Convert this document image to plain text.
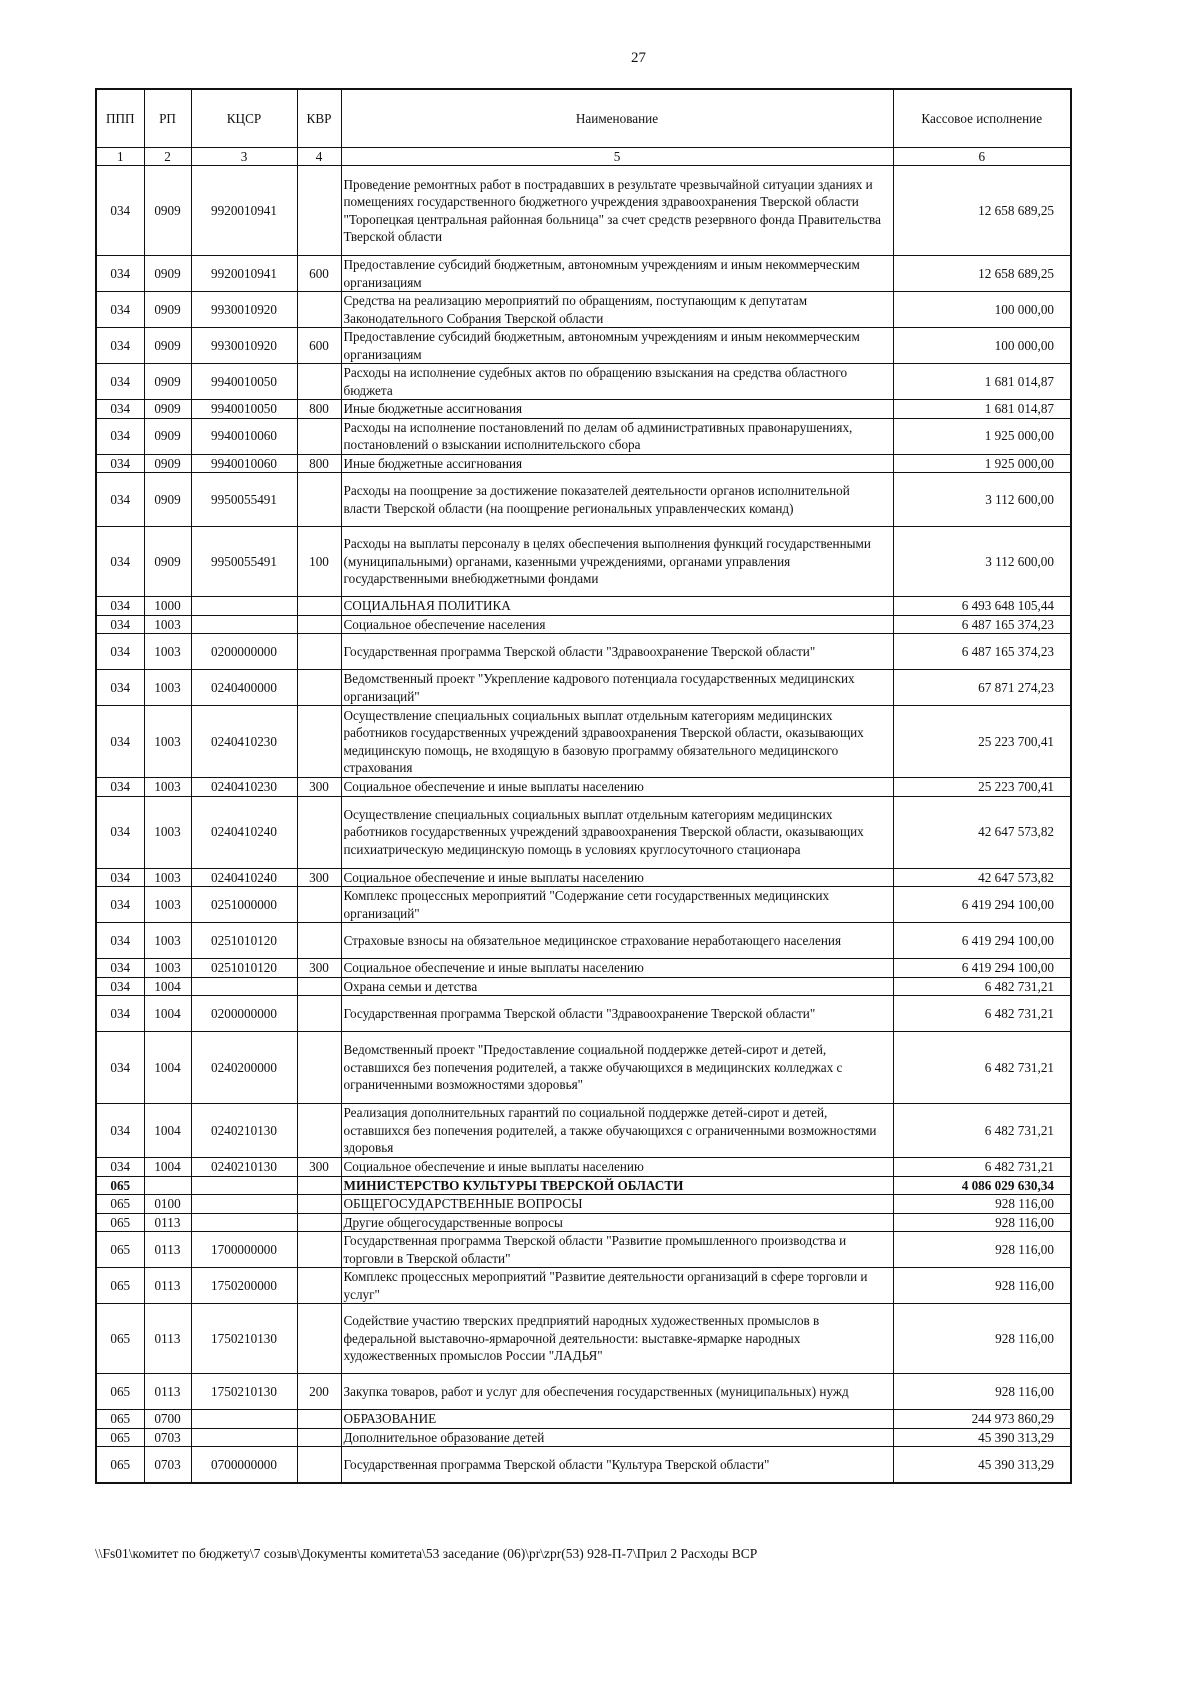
27
ППП	РП	КЦСР	КВР	Наименование	Кассовое исполнение
1	2	3	4	5	6
034	0909	9920010941		Проведение ремонтных работ в пострадавших в результате чрезвычайной ситуации зданиях и помещениях государственного бюджетного учреждения здравоохранения Тверской области "Торопецкая центральная районная больница" за счет средств резервного фонда Правительства Тверской области	12 658 689,25
034	0909	9920010941	600	Предоставление субсидий бюджетным, автономным учреждениям и иным некоммерческим организациям	12 658 689,25
034	0909	9930010920		Средства на реализацию мероприятий по обращениям, поступающим к депутатам Законодательного Собрания Тверской области	100 000,00
034	0909	9930010920	600	Предоставление субсидий бюджетным, автономным учреждениям и иным некоммерческим организациям	100 000,00
034	0909	9940010050		Расходы на исполнение судебных актов по обращению взыскания на средства областного бюджета	1 681 014,87
034	0909	9940010050	800	Иные бюджетные ассигнования	1 681 014,87
034	0909	9940010060		Расходы на исполнение постановлений по делам об административных правонарушениях, постановлений о взыскании исполнительского сбора	1 925 000,00
034	0909	9940010060	800	Иные бюджетные ассигнования	1 925 000,00
034	0909	9950055491		Расходы на поощрение за достижение показателей деятельности органов исполнительной власти Тверской области (на поощрение региональных управленческих команд)	3 112 600,00
034	0909	9950055491	100	Расходы на выплаты персоналу в целях обеспечения выполнения функций государственными (муниципальными) органами, казенными учреждениями, органами управления государственными внебюджетными фондами	3 112 600,00
034	1000			СОЦИАЛЬНАЯ ПОЛИТИКА	6 493 648 105,44
034	1003			Социальное обеспечение населения	6 487 165 374,23
034	1003	0200000000		Государственная программа Тверской области "Здравоохранение Тверской области"	6 487 165 374,23
034	1003	0240400000		Ведомственный проект "Укрепление кадрового потенциала государственных медицинских организаций"	67 871 274,23
034	1003	0240410230		Осуществление специальных социальных выплат отдельным категориям медицинских работников государственных учреждений здравоохранения Тверской области, оказывающих медицинскую помощь, не входящую в базовую программу обязательного медицинского страхования	25 223 700,41
034	1003	0240410230	300	Социальное обеспечение и иные выплаты населению	25 223 700,41
034	1003	0240410240		Осуществление специальных социальных выплат отдельным категориям медицинских работников государственных учреждений здравоохранения Тверской области, оказывающих психиатрическую медицинскую помощь в условиях круглосуточного стационара	42 647 573,82
034	1003	0240410240	300	Социальное обеспечение и иные выплаты населению	42 647 573,82
034	1003	0251000000		Комплекс процессных мероприятий "Содержание сети государственных медицинских организаций"	6 419 294 100,00
034	1003	0251010120		Страховые взносы на обязательное медицинское страхование неработающего населения	6 419 294 100,00
034	1003	0251010120	300	Социальное обеспечение и иные выплаты населению	6 419 294 100,00
034	1004			Охрана семьи и детства	6 482 731,21
034	1004	0200000000		Государственная программа Тверской области "Здравоохранение Тверской области"	6 482 731,21
034	1004	0240200000		Ведомственный проект "Предоставление социальной поддержке детей-сирот и детей, оставшихся без попечения родителей, а также обучающихся в медицинских колледжах с ограниченными возможностями здоровья"	6 482 731,21
034	1004	0240210130		Реализация дополнительных гарантий по социальной поддержке детей-сирот и детей, оставшихся без попечения родителей, а также обучающихся с ограниченными возможностями здоровья	6 482 731,21
034	1004	0240210130	300	Социальное обеспечение и иные выплаты населению	6 482 731,21
065				МИНИСТЕРСТВО КУЛЬТУРЫ ТВЕРСКОЙ ОБЛАСТИ	4 086 029 630,34
065	0100			ОБЩЕГОСУДАРСТВЕННЫЕ ВОПРОСЫ	928 116,00
065	0113			Другие общегосударственные вопросы	928 116,00
065	0113	1700000000		Государственная программа Тверской области "Развитие промышленного производства и торговли в Тверской области"	928 116,00
065	0113	1750200000		Комплекс процессных мероприятий "Развитие деятельности организаций в сфере торговли и услуг"	928 116,00
065	0113	1750210130		Содействие участию тверских предприятий народных художественных промыслов в федеральной выставочно-ярмарочной деятельности: выставке-ярмарке народных художественных промыслов России "ЛАДЬЯ"	928 116,00
065	0113	1750210130	200	Закупка товаров, работ и услуг для обеспечения государственных (муниципальных) нужд	928 116,00
065	0700			ОБРАЗОВАНИЕ	244 973 860,29
065	0703			Дополнительное образование детей	45 390 313,29
065	0703	0700000000		Государственная программа Тверской области "Культура Тверской области"	45 390 313,29
\\Fs01\комитет по бюджету\7 созыв\Документы комитета\53 заседание (06)\pr\zpr(53) 928-П-7\Прил 2 Расходы ВСР
